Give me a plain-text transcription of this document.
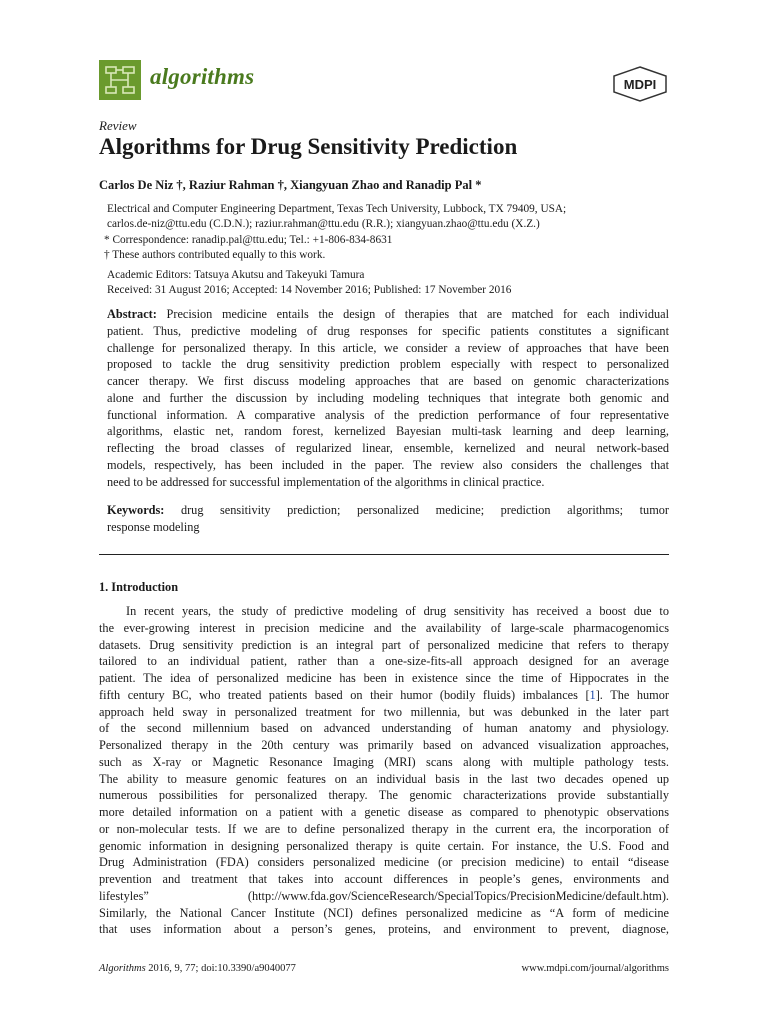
algorithms	MDPI
Review
Algorithms for Drug Sensitivity Prediction
Carlos De Niz †, Raziur Rahman †, Xiangyuan Zhao and Ranadip Pal *
Electrical and Computer Engineering Department, Texas Tech University, Lubbock, TX 79409, USA;
carlos.de-niz@ttu.edu (C.D.N.); raziur.rahman@ttu.edu (R.R.); xiangyuan.zhao@ttu.edu (X.Z.)
* Correspondence: ranadip.pal@ttu.edu; Tel.: +1-806-834-8631
† These authors contributed equally to this work.
Academic Editors: Tatsuya Akutsu and Takeyuki Tamura
Received: 31 August 2016; Accepted: 14 November 2016; Published: 17 November 2016
Abstract: Precision medicine entails the design of therapies that are matched for each individual
patient. Thus, predictive modeling of drug responses for specific patients constitutes a significant
challenge for personalized therapy. In this article, we consider a review of approaches that have been
proposed to tackle the drug sensitivity prediction problem especially with respect to personalized
cancer therapy. We first discuss modeling approaches that are based on genomic characterizations
alone and further the discussion by including modeling techniques that integrate both genomic and
functional information. A comparative analysis of the prediction performance of four representative
algorithms, elastic net, random forest, kernelized Bayesian multi-task learning and deep learning,
reflecting the broad classes of regularized linear, ensemble, kernelized and neural network-based
models, respectively, has been included in the paper. The review also considers the challenges that
need to be addressed for successful implementation of the algorithms in clinical practice.
Keywords: drug sensitivity prediction; personalized medicine; prediction algorithms; tumor
response modeling
1. Introduction
In recent years, the study of predictive modeling of drug sensitivity has received a boost due to
the ever-growing interest in precision medicine and the availability of large-scale pharmacogenomics
datasets. Drug sensitivity prediction is an integral part of personalized medicine that refers to therapy
tailored to an individual patient, rather than a one-size-fits-all approach designed for an average
patient. The idea of personalized medicine has been in existence since the time of Hippocrates in the
fifth century BC, who treated patients based on their humor (bodily fluids) imbalances [1]. The humor
approach held sway in personalized treatment for two millennia, but was debunked in the later part
of the second millennium based on advanced understanding of human anatomy and physiology.
Personalized therapy in the 20th century was primarily based on advanced visualization approaches,
such as X-ray or Magnetic Resonance Imaging (MRI) scans along with multiple pathology tests.
The ability to measure genomic features on an individual basis in the last two decades opened up
numerous possibilities for personalized therapy. The genomic characterizations provide substantially
more detailed information on a patient with a genetic disease as compared to phenotypic observations
or non-molecular tests. If we are to define personalized therapy in the current era, the incorporation of
genomic information in designing personalized therapy is quite certain. For instance, the U.S. Food and
Drug Administration (FDA) considers personalized medicine (or precision medicine) to entail “disease
prevention and treatment that takes into account differences in people’s genes, environments and
lifestyles” (http://www.fda.gov/ScienceResearch/SpecialTopics/PrecisionMedicine/default.htm).
Similarly, the National Cancer Institute (NCI) defines personalized medicine as “A form of medicine
that uses information about a person’s genes, proteins, and environment to prevent, diagnose,
Algorithms 2016, 9, 77; doi:10.3390/a9040077	www.mdpi.com/journal/algorithms
